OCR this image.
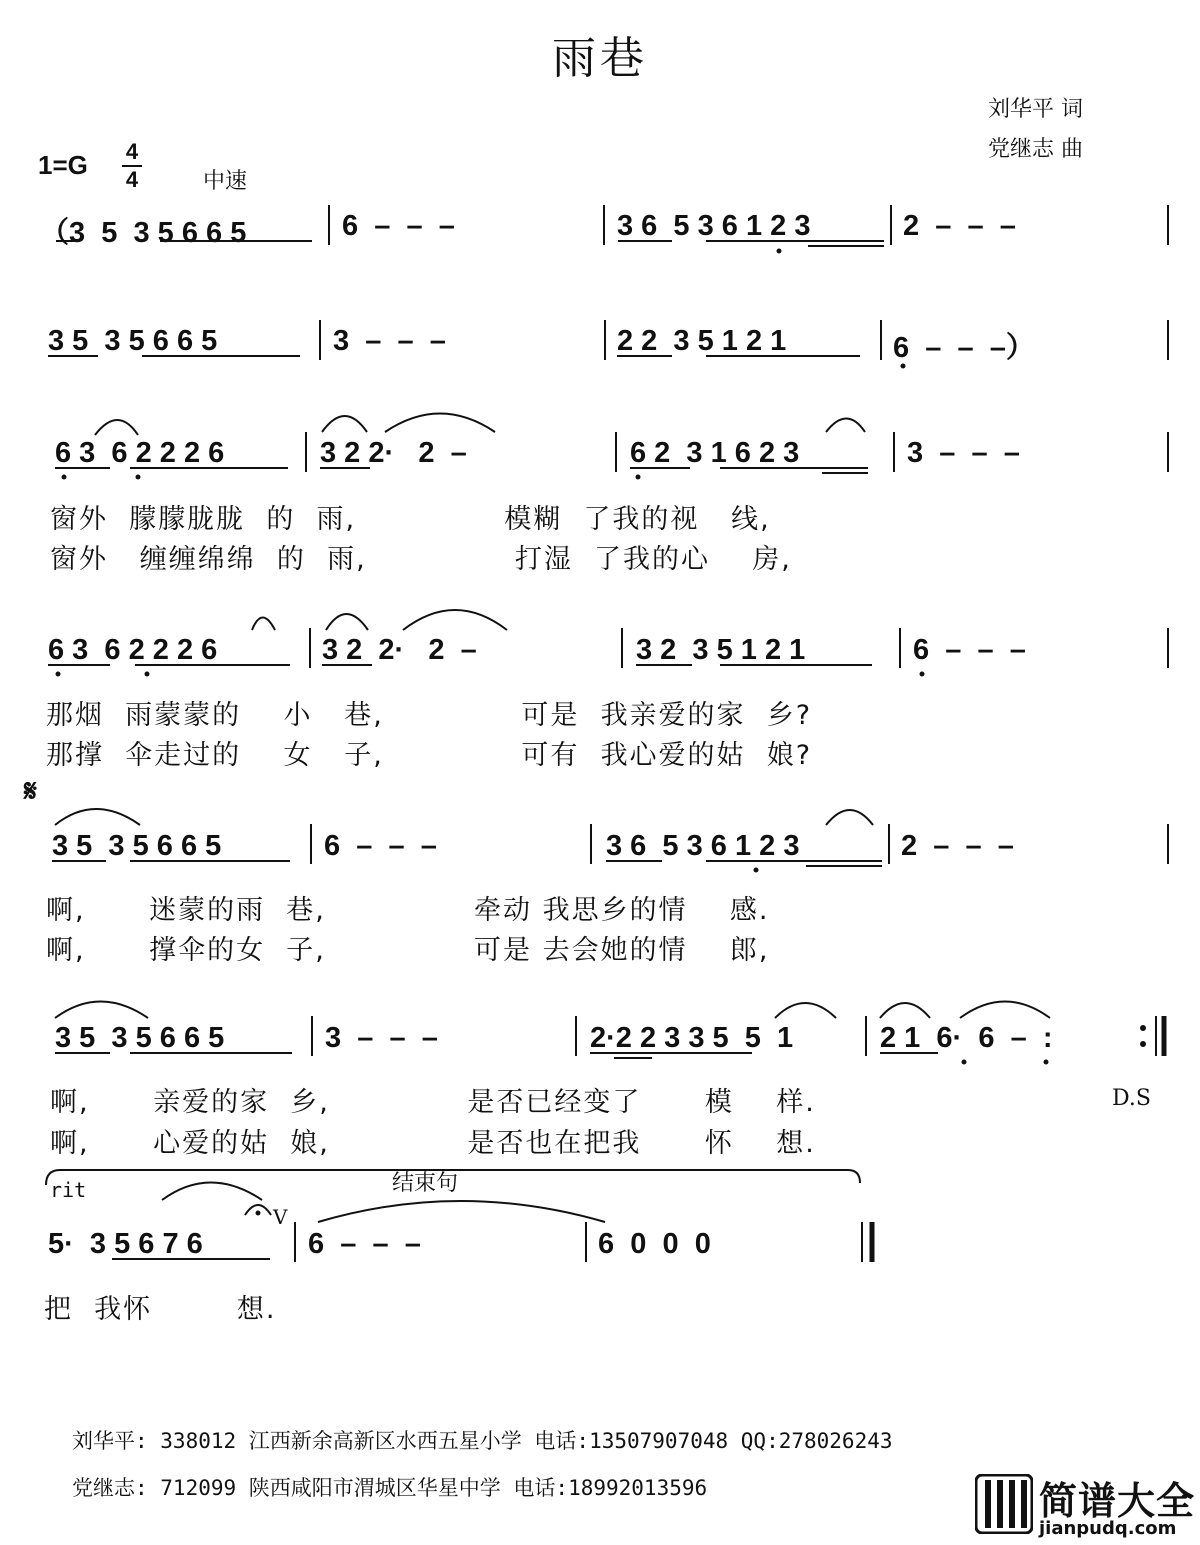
雨巷
刘华平 词
党继志 曲
1=G 4
4	中速
（3  5  3 5 6 6 5	6  –  –  –	3 6  5 3 6 1 2 3	2  –  –  –
3 5  3 5 6 6 5	3  –  –  –	2 2  3 5 1 2 1	6  –  –  –）
6 3  6 2 2 2 6	3 2 2·   2  –	6 2  3 1 6 2 3	3  –  –  –
窗外  朦朦胧胧  的  雨,              模糊  了我的视   线,
窗外   缠缠绵绵  的  雨,              打湿  了我的心    房,
6 3  6 2 2 2 6	3 2  2·   2  –	3 2  3 5 1 2 1	6  –  –  –
那烟  雨蒙蒙的    小   巷,             可是  我亲爱的家  乡?
那撑  伞走过的    女   子,             可有  我心爱的姑  娘?
𝄋
3 5  3 5 6 6 5	6  –  –  –	3 6  5 3 6 1 2 3	2  –  –  –
啊,      迷蒙的雨  巷,              牵动 我思乡的情    感.
啊,      撑伞的女  子,              可是 去会她的情    郎,
3 5  3 5 6 6 5	3  –  –  –	2·2 2 3 3 5  5  1	2 1  6·  6  –  :
啊,      亲爱的家  乡,             是否已经变了      模    样.
啊,      心爱的姑  娘,             是否也在把我      怀    想.
D.S
rit	结束句
V
5·  3 5 6 7 6	6  –  –  –	6  0  0  0
把  我怀        想.
刘华平: 338012 江西新余高新区水西五星小学 电话:13507907048 QQ:278026243
党继志: 712099 陕西咸阳市渭城区华星中学 电话:18992013596	简谱大全
jianpudq.com
